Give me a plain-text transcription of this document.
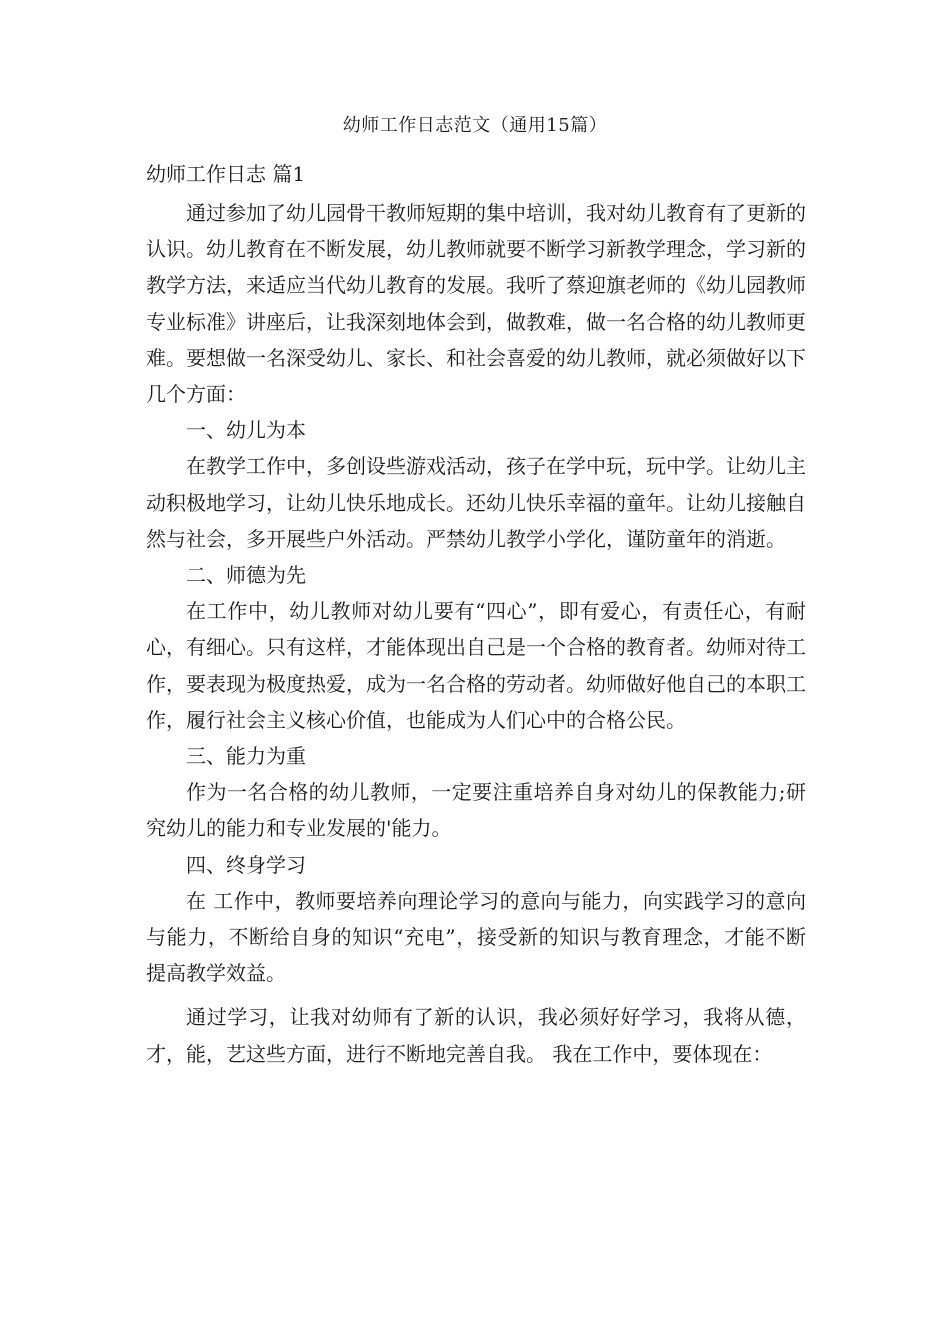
幼师工作日志范文（通用15篇）
幼师工作日志 篇1

通过参加了幼儿园骨干教师短期的集中培训，我对幼儿教育有了更新的认识。幼儿教育在不断发展，幼儿教师就要不断学习新教学理念，学习新的教学方法，来适应当代幼儿教育的发展。我听了蔡迎旗老师的《幼儿园教师专业标准》讲座后，让我深刻地体会到，做教难，做一名合格的幼儿教师更难。要想做一名深受幼儿、家长、和社会喜爱的幼儿教师，就必须做好以下几个方面：

一、幼儿为本

在教学工作中，多创设些游戏活动，孩子在学中玩，玩中学。让幼儿主动积极地学习，让幼儿快乐地成长。还幼儿快乐幸福的童年。让幼儿接触自然与社会，多开展些户外活动。严禁幼儿教学小学化，谨防童年的消逝。

二、师德为先

在工作中，幼儿教师对幼儿要有“四心”，即有爱心，有责任心，有耐心，有细心。只有这样，才能体现出自己是一个合格的教育者。幼师对待工作，要表现为极度热爱，成为一名合格的劳动者。幼师做好他自己的本职工作，履行社会主义核心价值，也能成为人们心中的合格公民。

三、能力为重

作为一名合格的幼儿教师，一定要注重培养自身对幼儿的保教能力;研究幼儿的能力和专业发展的'能力。

四、终身学习

在 工作中，教师要培养向理论学习的意向与能力，向实践学习的意向与能力，不断给自身的知识“充电”，接受新的知识与教育理念，才能不断提高教学效益。

通过学习，让我对幼师有了新的认识，我必须好好学习，我将从德，才，能，艺这些方面，进行不断地完善自我。 我在工作中，要体现在：
